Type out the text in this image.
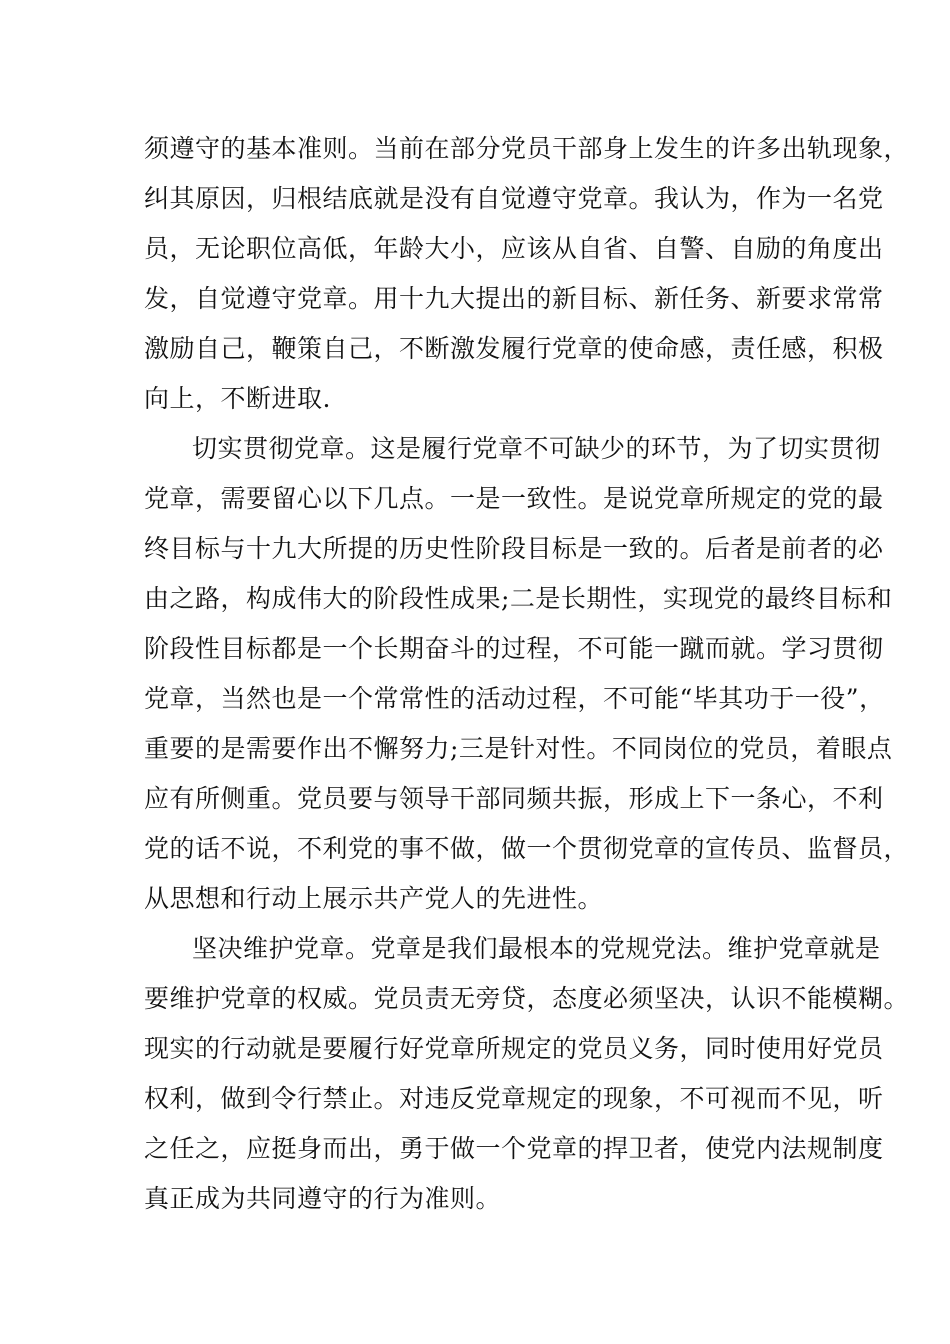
须遵守的基本准则。当前在部分党员干部身上发生的许多出轨现象，
纠其原因，归根结底就是没有自觉遵守党章。我认为，作为一名党
员，无论职位高低，年龄大小，应该从自省、自警、自励的角度出
发，自觉遵守党章。用十九大提出的新目标、新任务、新要求常常
激励自己，鞭策自己，不断激发履行党章的使命感，责任感，积极
向上，不断进取.
切实贯彻党章。这是履行党章不可缺少的环节，为了切实贯彻
党章，需要留心以下几点。一是一致性。是说党章所规定的党的最
终目标与十九大所提的历史性阶段目标是一致的。后者是前者的必
由之路，构成伟大的阶段性成果;二是长期性，实现党的最终目标和
阶段性目标都是一个长期奋斗的过程，不可能一蹴而就。学习贯彻
党章，当然也是一个常常性的活动过程，不可能“毕其功于一役”，
重要的是需要作出不懈努力;三是针对性。不同岗位的党员，着眼点
应有所侧重。党员要与领导干部同频共振，形成上下一条心，不利
党的话不说，不利党的事不做，做一个贯彻党章的宣传员、监督员，
从思想和行动上展示共产党人的先进性。
坚决维护党章。党章是我们最根本的党规党法。维护党章就是
要维护党章的权威。党员责无旁贷，态度必须坚决，认识不能模糊。
现实的行动就是要履行好党章所规定的党员义务，同时使用好党员
权利，做到令行禁止。对违反党章规定的现象，不可视而不见，听
之任之，应挺身而出，勇于做一个党章的捍卫者，使党内法规制度
真正成为共同遵守的行为准则。
